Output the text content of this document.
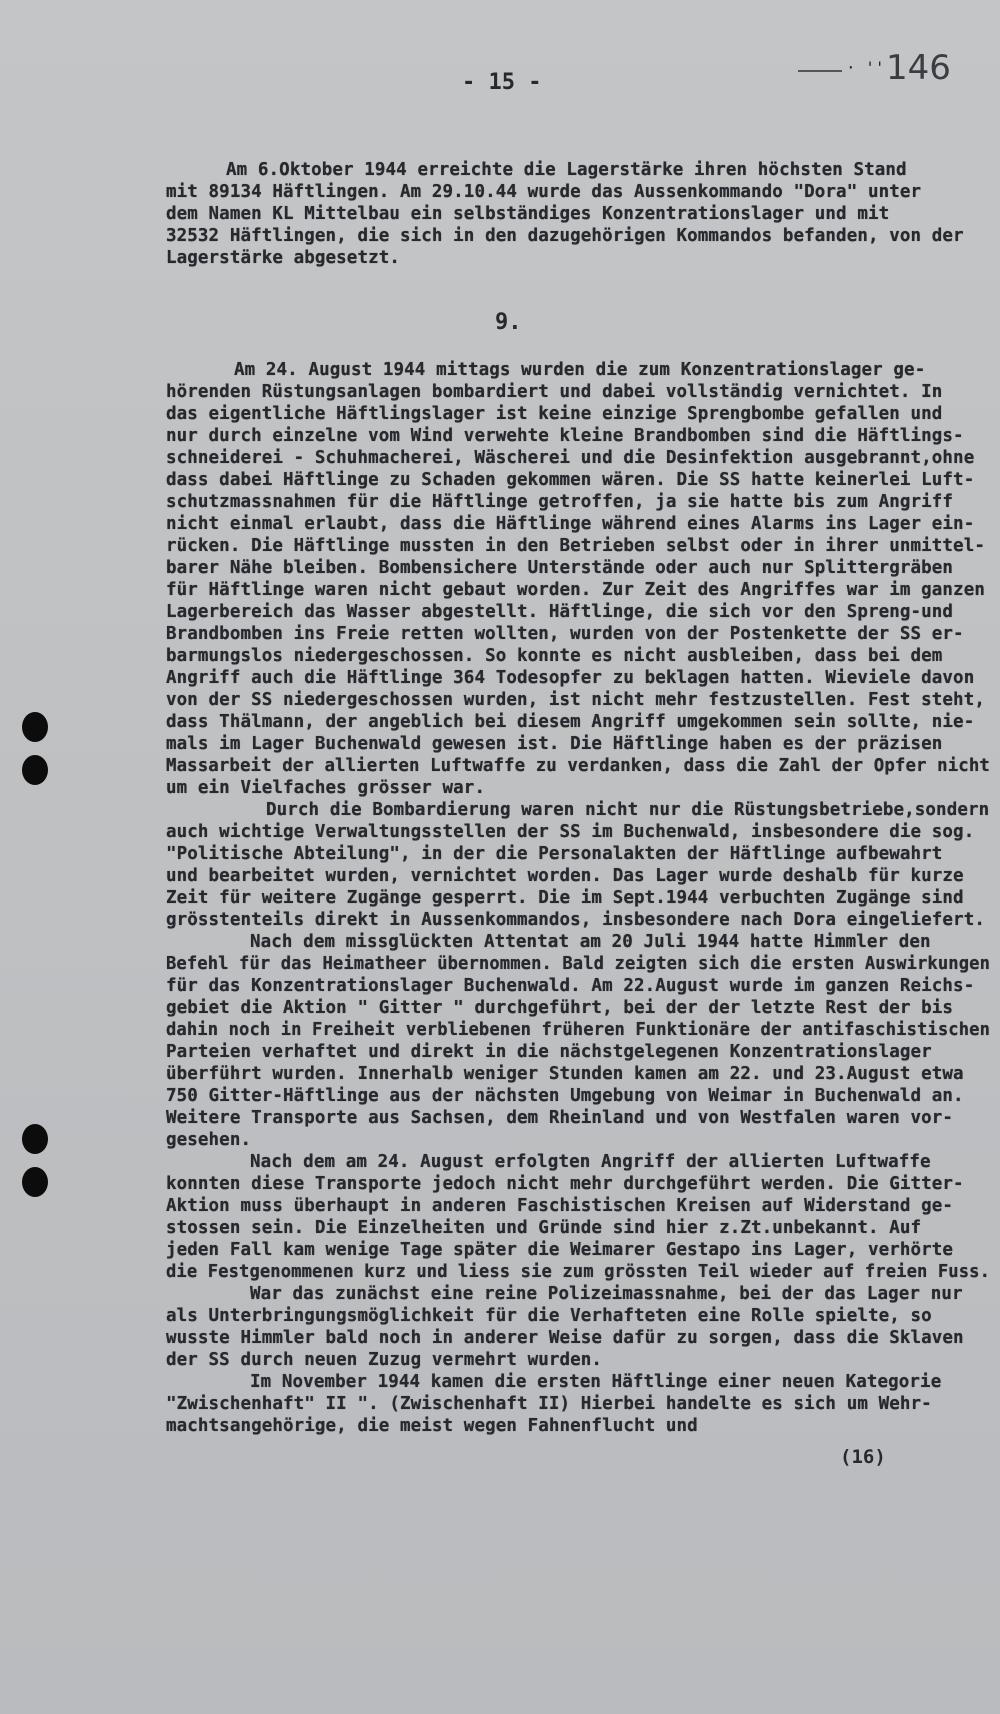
- 15 -
· '' 146
Am 6.Oktober 1944 erreichte die Lagerstärke ihren höchsten Stand
mit 89134 Häftlingen. Am 29.10.44 wurde das Aussenkommando "Dora" unter
dem Namen KL Mittelbau ein selbständiges Konzentrationslager und mit
32532 Häftlingen, die sich in den dazugehörigen Kommandos befanden, von der
Lagerstärke abgesetzt.
9.
Am 24. August 1944 mittags wurden die zum Konzentrationslager ge-
hörenden Rüstungsanlagen bombardiert und dabei vollständig vernichtet. In
das eigentliche Häftlingslager ist keine einzige Sprengbombe gefallen und
nur durch einzelne vom Wind verwehte kleine Brandbomben sind die Häftlings-
schneiderei - Schuhmacherei, Wäscherei und die Desinfektion ausgebrannt,ohne
dass dabei Häftlinge zu Schaden gekommen wären. Die SS hatte keinerlei Luft-
schutzmassnahmen für die Häftlinge getroffen, ja sie hatte bis zum Angriff
nicht einmal erlaubt, dass die Häftlinge während eines Alarms ins Lager ein-
rücken. Die Häftlinge mussten in den Betrieben selbst oder in ihrer unmittel-
barer Nähe bleiben. Bombensichere Unterstände oder auch nur Splittergräben
für Häftlinge waren nicht gebaut worden. Zur Zeit des Angriffes war im ganzen
Lagerbereich das Wasser abgestellt. Häftlinge, die sich vor den Spreng-und
Brandbomben ins Freie retten wollten, wurden von der Postenkette der SS er-
barmungslos niedergeschossen. So konnte es nicht ausbleiben, dass bei dem
Angriff auch die Häftlinge 364 Todesopfer zu beklagen hatten. Wieviele davon
von der SS niedergeschossen wurden, ist nicht mehr festzustellen. Fest steht,
dass Thälmann, der angeblich bei diesem Angriff umgekommen sein sollte, nie-
mals im Lager Buchenwald gewesen ist. Die Häftlinge haben es der präzisen
Massarbeit der allierten Luftwaffe zu verdanken, dass die Zahl der Opfer nicht
um ein Vielfaches grösser war.
Durch die Bombardierung waren nicht nur die Rüstungsbetriebe,sondern
auch wichtige Verwaltungsstellen der SS im Buchenwald, insbesondere die sog.
"Politische Abteilung", in der die Personalakten der Häftlinge aufbewahrt
und bearbeitet wurden, vernichtet worden. Das Lager wurde deshalb für kurze
Zeit für weitere Zugänge gesperrt. Die im Sept.1944 verbuchten Zugänge sind
grösstenteils direkt in Aussenkommandos, insbesondere nach Dora eingeliefert.
Nach dem missglückten Attentat am 20 Juli 1944 hatte Himmler den
Befehl für das Heimatheer übernommen. Bald zeigten sich die ersten Auswirkungen
für das Konzentrationslager Buchenwald. Am 22.August wurde im ganzen Reichs-
gebiet die Aktion " Gitter " durchgeführt, bei der der letzte Rest der bis
dahin noch in Freiheit verbliebenen früheren Funktionäre der antifaschistischen
Parteien verhaftet und direkt in die nächstgelegenen Konzentrationslager
überführt wurden. Innerhalb weniger Stunden kamen am 22. und 23.August etwa
750 Gitter-Häftlinge aus der nächsten Umgebung von Weimar in Buchenwald an.
Weitere Transporte aus Sachsen, dem Rheinland und von Westfalen waren vor-
gesehen.
Nach dem am 24. August erfolgten Angriff der allierten Luftwaffe
konnten diese Transporte jedoch nicht mehr durchgeführt werden. Die Gitter-
Aktion muss überhaupt in anderen Faschistischen Kreisen auf Widerstand ge-
stossen sein. Die Einzelheiten und Gründe sind hier z.Zt.unbekannt. Auf
jeden Fall kam wenige Tage später die Weimarer Gestapo ins Lager, verhörte
die Festgenommenen kurz und liess sie zum grössten Teil wieder auf freien Fuss.
War das zunächst eine reine Polizeimassnahme, bei der das Lager nur
als Unterbringungsmöglichkeit für die Verhafteten eine Rolle spielte, so
wusste Himmler bald noch in anderer Weise dafür zu sorgen, dass die Sklaven
der SS durch neuen Zuzug vermehrt wurden.
Im November 1944 kamen die ersten Häftlinge einer neuen Kategorie
"Zwischenhaft" II ". (Zwischenhaft II) Hierbei handelte es sich um Wehr-
machtsangehörige, die meist wegen Fahnenflucht und
(16)
